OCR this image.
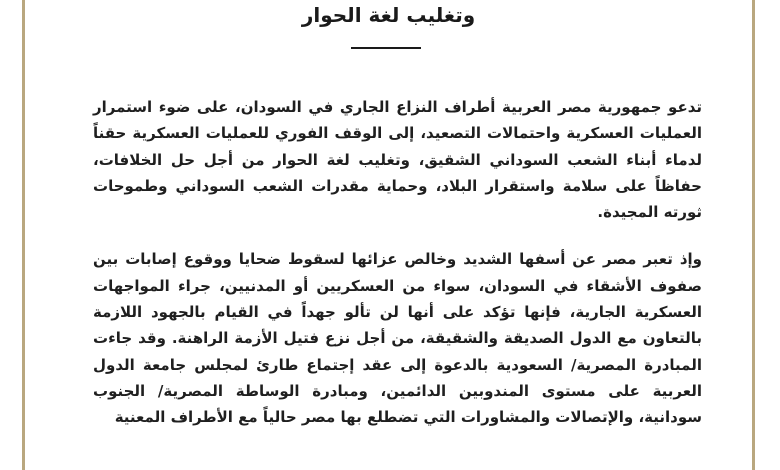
وتغليب لغة الحوار

تدعو جمهورية مصر العربية أطراف النزاع الجاري في السودان، على ضوء استمرار العمليات العسكرية واحتمالات التصعيد، إلى الوقف الفوري للعمليات العسكرية حقناً لدماء أبناء الشعب السوداني الشقيق، وتغليب لغة الحوار من أجل حل الخلافات، حفاظاً على سلامة واستقرار البلاد، وحماية مقدرات الشعب السوداني وطموحات ثورته المجيدة.

وإذ تعبر مصر عن أسفها الشديد وخالص عزائها لسقوط ضحايا ووقوع إصابات بين صفوف الأشقاء في السودان، سواء من العسكريين أو المدنيين، جراء المواجهات العسكرية الجارية، فإنها تؤكد على أنها لن تألو جهداً في القيام بالجهود اللازمة بالتعاون مع الدول الصديقة والشقيقة، من أجل نزع فتيل الأزمة الراهنة. وقد جاءت المبادرة المصرية/ السعودية بالدعوة إلى عقد إجتماع طارئ لمجلس جامعة الدول العربية على مستوى المندوبين الدائمين، ومبادرة الوساطة المصرية/ الجنوب سودانية، والإتصالات والمشاورات التي تضطلع بها مصر حالياً مع الأطراف المعنية
